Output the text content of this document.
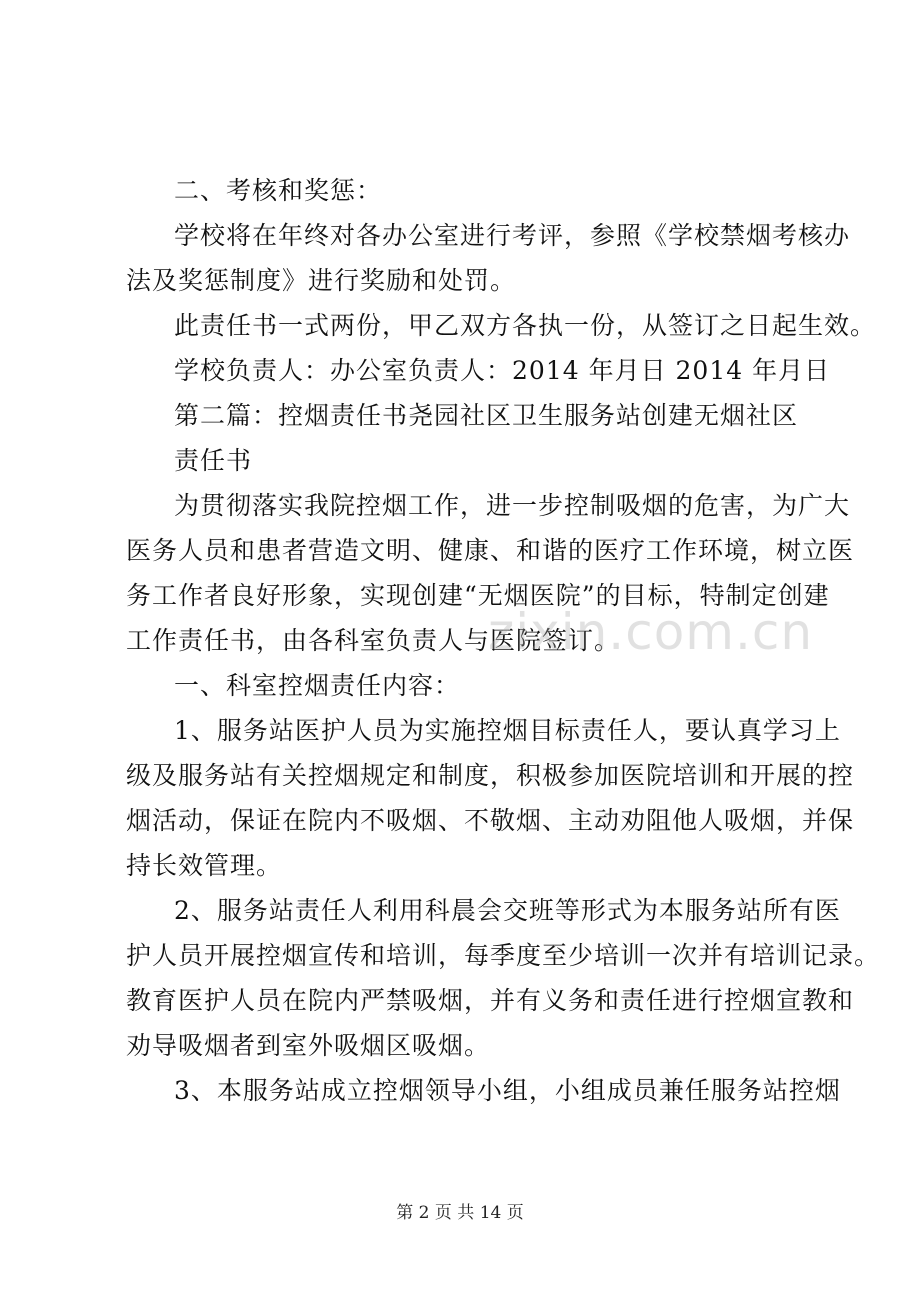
二、考核和奖惩：
学校将在年终对各办公室进行考评，参照《学校禁烟考核办
法及奖惩制度》进行奖励和处罚。
此责任书一式两份，甲乙双方各执一份，从签订之日起生效。
学校负责人：办公室负责人：2014 年月日 2014 年月日
第二篇：控烟责任书尧园社区卫生服务站创建无烟社区
责任书
为贯彻落实我院控烟工作，进一步控制吸烟的危害，为广大
医务人员和患者营造文明、健康、和谐的医疗工作环境，树立医
务工作者良好形象，实现创建“无烟医院”的目标，特制定创建
工作责任书，由各科室负责人与医院签订。
一、科室控烟责任内容：
1、服务站医护人员为实施控烟目标责任人，要认真学习上
级及服务站有关控烟规定和制度，积极参加医院培训和开展的控
烟活动，保证在院内不吸烟、不敬烟、主动劝阻他人吸烟，并保
持长效管理。
2、服务站责任人利用科晨会交班等形式为本服务站所有医
护人员开展控烟宣传和培训，每季度至少培训一次并有培训记录。
教育医护人员在院内严禁吸烟，并有义务和责任进行控烟宣教和
劝导吸烟者到室外吸烟区吸烟。
3、本服务站成立控烟领导小组，小组成员兼任服务站控烟
zixin.com.cn
第 2 页 共 14 页
